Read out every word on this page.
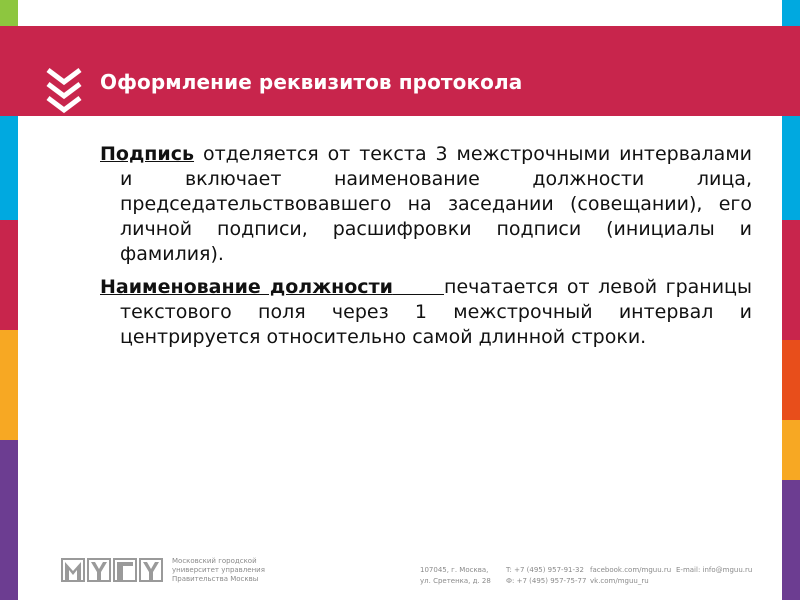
Оформление реквизитов протокола

Подпись отделяется от текста 3 межстрочными интервалами и включает наименование должности лица, председательствовавшего на заседании (совещании), его личной подписи, расшифровки подписи (инициалы и фамилия).

Наименование должности	печатается от левой границы текстового поля через 1 межстрочный интервал и центрируется относительно самой длинной строки.

Московский городской
университет управления
Правительства Москвы
107045, г. Москва,
ул. Сретенка, д. 28
T: +7 (495) 957-91-32
Ф: +7 (495) 957-75-77
facebook.com/mguu.ru
vk.com/mguu_ru
E-mail: info@mguu.ru
